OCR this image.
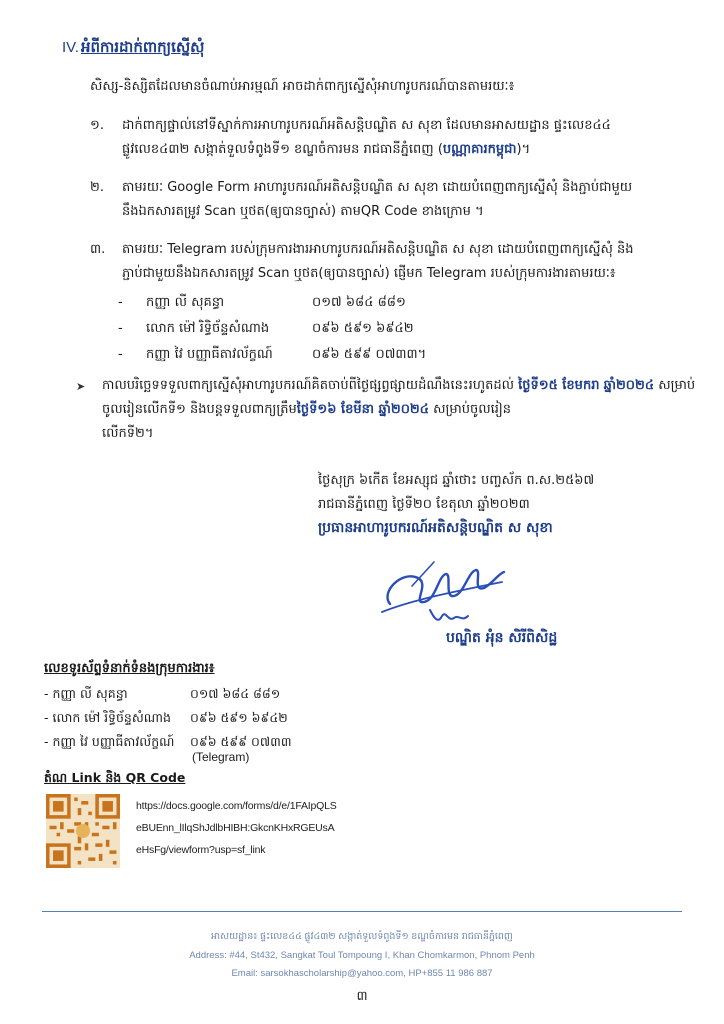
IV. អំពីការដាក់ពាក្យស្នើសុំ
សិស្ស-និស្សិតដែលមានចំណាប់អារម្មណ៍ អាចដាក់ពាក្យស្នើសុំអាហារូបករណ៍បានតាមរយៈ៖
១.	ដាក់ពាក្យផ្ទាល់នៅទីស្នាក់ការអាហារូបករណ៍អតិសន្តិបណ្ឌិត ស សុខា ដែលមានអាសយដ្ឋាន ផ្ទះលេខ៤៤
ផ្លូវលេខ៤៣២ សង្កាត់ទួលទំពូងទី១ ខណ្ឌចំការមន រាជធានីភ្នំពេញ (បណ្ណាគារកម្ពុជា)។
២.	តាមរយៈ Google Form អាហារូបករណ៍អតិសន្តិបណ្ឌិត ស សុខា ដោយបំពេញពាក្យស្នើសុំ និងភ្ជាប់ជាមួយ
នឹងឯកសារតម្រូវ Scan ឬថត(ឲ្យបានច្បាស់) តាមQR Code ខាងក្រោម ។
៣.	តាមរយៈ Telegram របស់ក្រុមការងារអាហារូបករណ៍អតិសន្តិបណ្ឌិត ស សុខា ដោយបំពេញពាក្យស្នើសុំ និង
ភ្ជាប់ជាមួយនឹងឯកសារតម្រូវ Scan ឬថត(ឲ្យបានច្បាស់) ផ្ញើមក Telegram របស់ក្រុមការងារតាមរយៈ៖
-	កញ្ញា លី សុគន្ធា	០១៧ ៦៨៤ ៨៨១
-	លោក ម៉ៅ រិទ្ធិច័ន្ទសំណាង	០៩៦ ៥៩១ ៦៩៤២
-	កញ្ញា វៃ បញ្ញាធីតាវល័ក្ខណ៍	០៩៦ ៥៩៩ ០៧៣៣។
➤	កាលបរិច្ឆេទទទួលពាក្យស្នើសុំអាហារូបករណ៍គិតចាប់ពីថ្ងៃផ្សព្វផ្សាយដំណឹងនេះរហូតដល់ ថ្ងៃទី១៥ ខែមករា ឆ្នាំ២០២៤ សម្រាប់ចូលរៀនលើកទី១ និងបន្តទទួលពាក្យត្រឹមថ្ងៃទី១៦ ខែមីនា ឆ្នាំ២០២៤ សម្រាប់ចូលរៀន
លើកទី២។
ថ្ងៃសុក្រ ៦កើត ខែអស្សុជ ឆ្នាំថោះ បញ្ចស័ក ព.ស.២៥៦៧
រាជធានីភ្នំពេញ ថ្ងៃទី២០ ខែតុលា ឆ្នាំ២០២៣
ប្រធានអាហារូបករណ៍អតិសន្តិបណ្ឌិត ស សុខា
បណ្ឌិត អ៉ំន សិរីពិសិដ្ឋ
លេខទូរស័ព្ទទំនាក់ទំនងក្រុមការងារ៖
- កញ្ញា លី សុគន្ធា	០១៧ ៦៨៤ ៨៨១
- លោក ម៉ៅ រិទ្ធិច័ន្ទសំណាង	០៩៦ ៥៩១ ៦៩៤២
- កញ្ញា វៃ បញ្ញាធីតាវល័ក្ខណ៍	០៩៦ ៥៩៩ ០៧៣៣
(Telegram)
តំណ Link និង QR Code
https://docs.google.com/forms/d/e/1FAIpQLS
eBUEnn_lIlqShJdlbHIBH:GkcnKHxRGEUsA
eHsFg/viewform?usp=sf_link
អាសយដ្ឋាន៖ ផ្ទះលេខ៤៤ ផ្លូវ៤៣២ សង្កាត់ទួលទំពូងទី១ ខណ្ឌចំការមន រាជធានីភ្នំពេញ
Address: #44, St432, Sangkat Toul Tompoung I, Khan Chomkarmon, Phnom Penh
Email: sarsokhascholarship@yahoo.com, HP+855 11 986 887
៣
